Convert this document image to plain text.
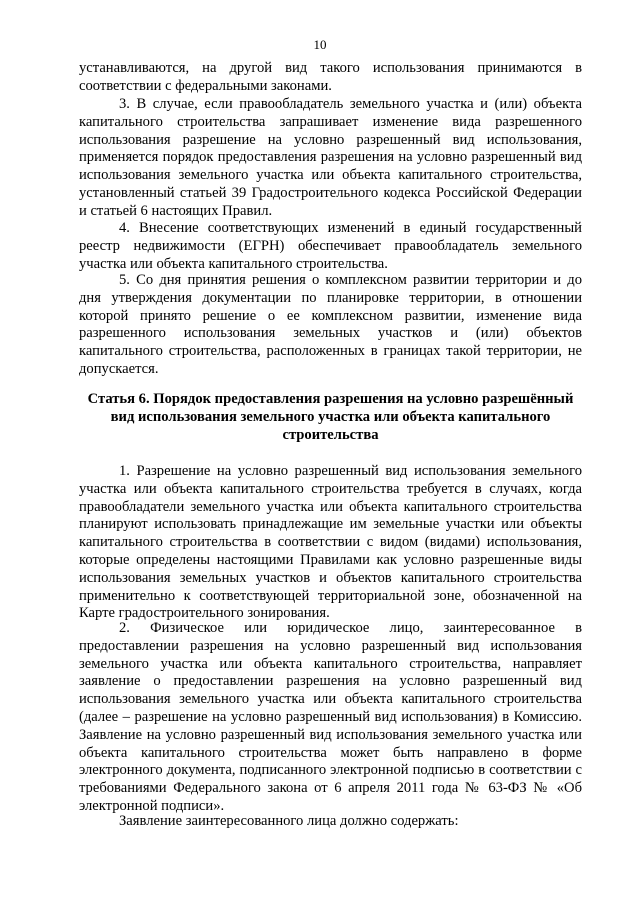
10

устанавливаются, на другой вид такого использования принимаются в соответствии с федеральными законами.

3. В случае, если правообладатель земельного участка и (или) объекта капитального строительства запрашивает изменение вида разрешенного использования разрешение на условно разрешенный вид использования, применяется порядок предоставления разрешения на условно разрешенный вид использования земельного участка или объекта капитального строительства, установленный статьей 39 Градостроительного кодекса Российской Федерации и статьей 6 настоящих Правил.

4. Внесение соответствующих изменений в единый государственный реестр недвижимости (ЕГРН) обеспечивает правообладатель земельного участка или объекта капитального строительства.

5. Со дня принятия решения о комплексном развитии территории и до дня утверждения документации по планировке территории, в отношении которой принято решение о ее комплексном развитии, изменение вида разрешенного использования земельных участков и (или) объектов капитального строительства, расположенных в границах такой территории, не допускается.

Статья 6. Порядок предоставления разрешения на условно разрешённый вид использования земельного участка или объекта капитального строительства

1. Разрешение на условно разрешенный вид использования земельного участка или объекта капитального строительства требуется в случаях, когда правообладатели земельного участка или объекта капитального строительства планируют использовать принадлежащие им земельные участки или объекты капитального строительства в соответствии с видом (видами) использования, которые определены настоящими Правилами как условно разрешенные виды использования земельных участков и объектов капитального строительства применительно к соответствующей территориальной зоне, обозначенной на Карте градостроительного зонирования.

2. Физическое или юридическое лицо, заинтересованное в предоставлении разрешения на условно разрешенный вид использования земельного участка или объекта капитального строительства, направляет заявление о предоставлении разрешения на условно разрешенный вид использования земельного участка или объекта капитального строительства (далее – разрешение на условно разрешенный вид использования) в Комиссию. Заявление на условно разрешенный вид использования земельного участка или объекта капитального строительства может быть направлено в форме электронного документа, подписанного электронной подписью в соответствии с требованиями Федерального закона от 6 апреля 2011 года № 63-ФЗ № «Об электронной подписи».

Заявление заинтересованного лица должно содержать:
